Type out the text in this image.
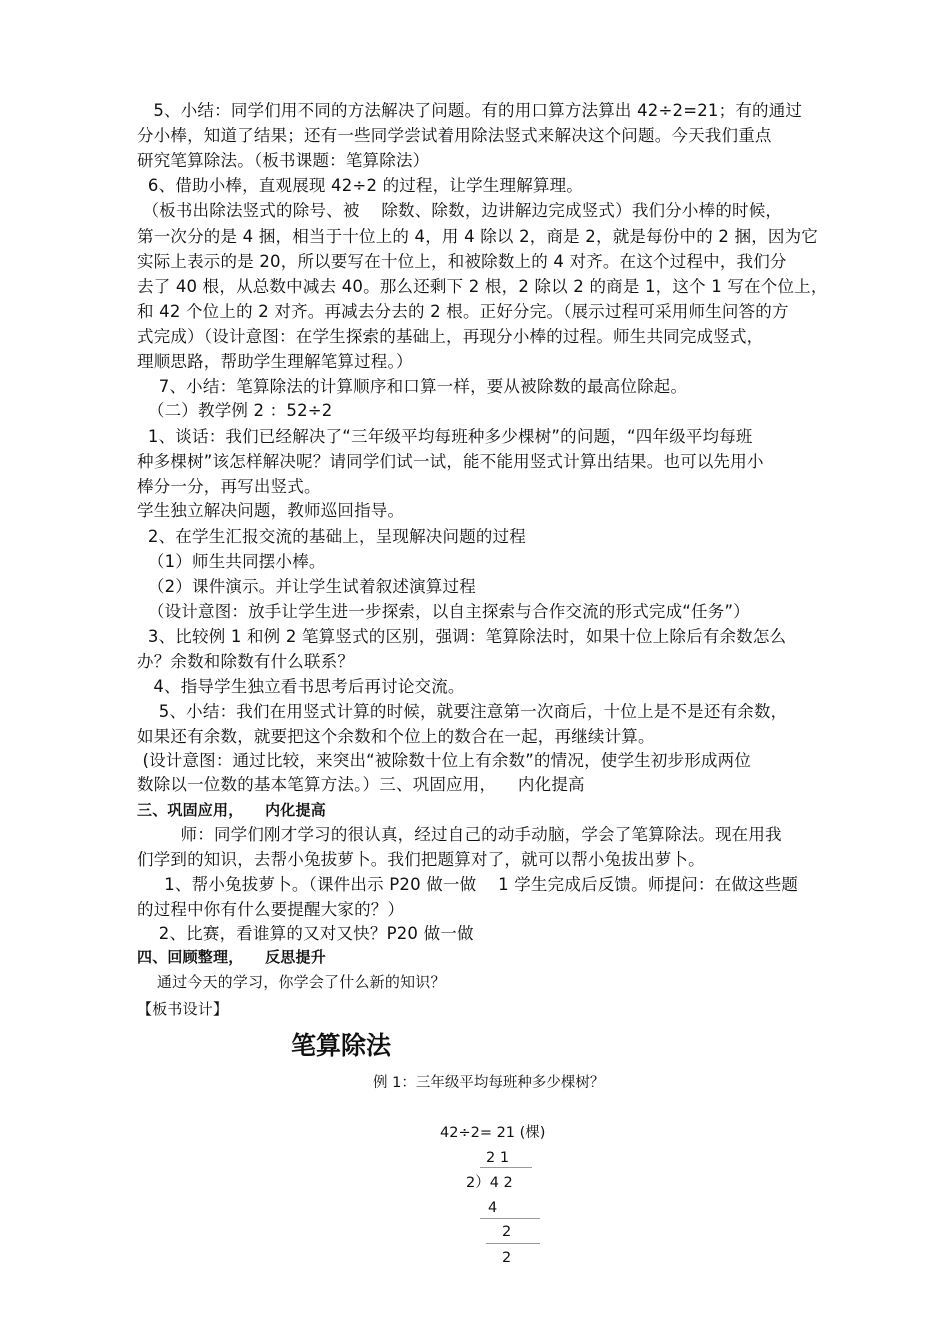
5、小结：同学们用不同的方法解决了问题。有的用口算方法算出 42÷2=21；有的通过
分小棒，知道了结果；还有一些同学尝试着用除法竖式来解决这个问题。今天我们重点
研究笔算除法。（板书课题：笔算除法）
6、借助小棒，直观展现 42÷2 的过程，让学生理解算理。
（板书出除法竖式的除号、被    除数、除数，边讲解边完成竖式）我们分小棒的时候，
第一次分的是 4 捆，相当于十位上的 4，用 4 除以 2，商是 2，就是每份中的 2 捆，因为它
实际上表示的是 20，所以要写在十位上，和被除数上的 4 对齐。在这个过程中，我们分
去了 40 根，从总数中减去 40。那么还剩下 2 根，2 除以 2 的商是 1，这个 1 写在个位上，
和 42 个位上的 2 对齐。再减去分去的 2 根。正好分完。（展示过程可采用师生问答的方
式完成）（设计意图：在学生探索的基础上，再现分小棒的过程。师生共同完成竖式，
理顺思路，帮助学生理解笔算过程。）
7、小结：笔算除法的计算顺序和口算一样，要从被除数的最高位除起。
（二）教学例 2 ：52÷2
1、谈话：我们已经解决了“三年级平均每班种多少棵树”的问题，“四年级平均每班
种多棵树”该怎样解决呢？请同学们试一试，能不能用竖式计算出结果。也可以先用小
棒分一分，再写出竖式。
学生独立解决问题，教师巡回指导。
2、在学生汇报交流的基础上，呈现解决问题的过程
（1）师生共同摆小棒。
（2）课件演示。并让学生试着叙述演算过程
（设计意图：放手让学生进一步探索，以自主探索与合作交流的形式完成“任务”）
3、比较例 1 和例 2 笔算竖式的区别，强调：笔算除法时，如果十位上除后有余数怎么
办？余数和除数有什么联系？
4、指导学生独立看书思考后再讨论交流。
5、小结：我们在用竖式计算的时候，就要注意第一次商后，十位上是不是还有余数，
如果还有余数，就要把这个余数和个位上的数合在一起，再继续计算。
(设计意图：通过比较，来突出“被除数十位上有余数”的情况，使学生初步形成两位
数除以一位数的基本笔算方法。）三、巩固应用，    内化提高
师：同学们刚才学习的很认真，经过自己的动手动脑，学会了笔算除法。现在用我
们学到的知识，去帮小兔拔萝卜。我们把题算对了，就可以帮小兔拔出萝卜。
1、帮小兔拔萝卜。（课件出示 P20 做一做    1 学生完成后反馈。师提问：在做这些题
的过程中你有什么要提醒大家的？）
2、比赛，看谁算的又对又快？P20 做一做
三、巩固应用，    内化提高
四、回顾整理，    反思提升
通过今天的学习，你学会了什么新的知识？
【板书设计】
笔算除法
例 1：三年级平均每班种多少棵树？
42÷2= 21 (棵)
2 1
2）4 2
4
2
2
